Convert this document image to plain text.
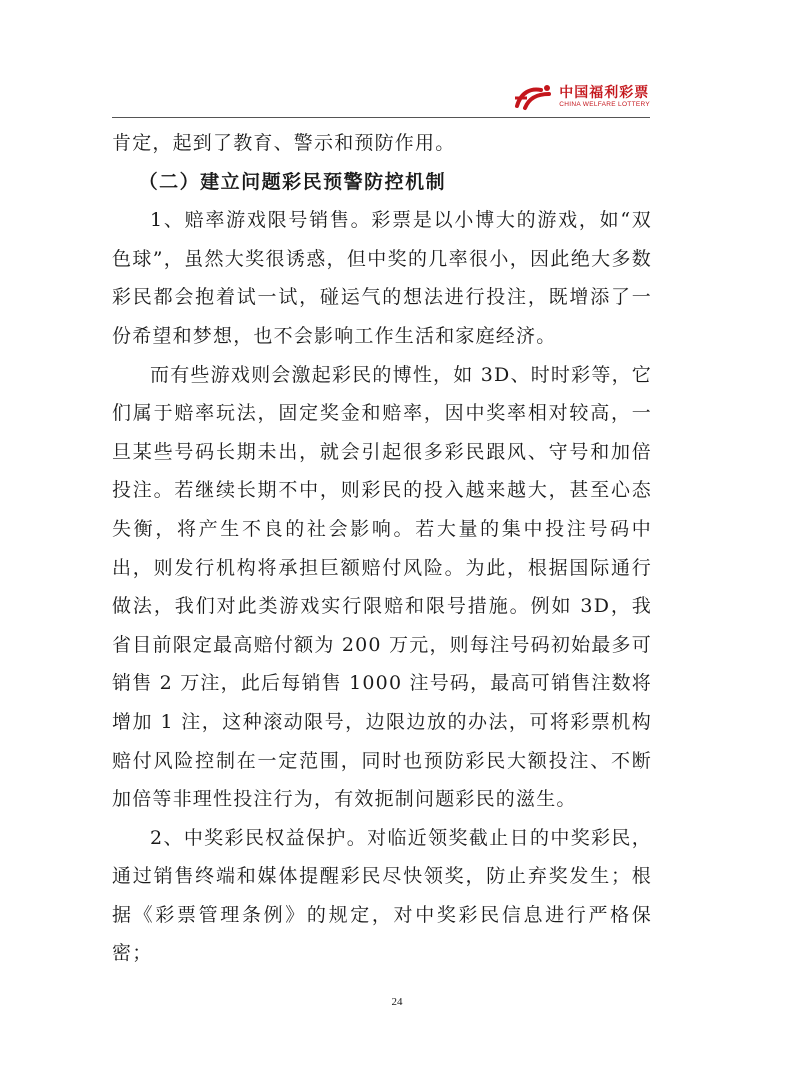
中国福利彩票
CHINA WELFARE LOTTERY

肯定，起到了教育、警示和预防作用。

（二）建立问题彩民预警防控机制

1、赔率游戏限号销售。彩票是以小博大的游戏，如“双色球”，虽然大奖很诱惑，但中奖的几率很小，因此绝大多数彩民都会抱着试一试，碰运气的想法进行投注，既增添了一份希望和梦想，也不会影响工作生活和家庭经济。

而有些游戏则会激起彩民的博性，如 3D、时时彩等，它们属于赔率玩法，固定奖金和赔率，因中奖率相对较高，一旦某些号码长期未出，就会引起很多彩民跟风、守号和加倍投注。若继续长期不中，则彩民的投入越来越大，甚至心态失衡，将产生不良的社会影响。若大量的集中投注号码中出，则发行机构将承担巨额赔付风险。为此，根据国际通行做法，我们对此类游戏实行限赔和限号措施。例如 3D，我省目前限定最高赔付额为 200 万元，则每注号码初始最多可销售 2 万注，此后每销售 1000 注号码，最高可销售注数将增加 1 注，这种滚动限号，边限边放的办法，可将彩票机构赔付风险控制在一定范围，同时也预防彩民大额投注、不断加倍等非理性投注行为，有效扼制问题彩民的滋生。

2、中奖彩民权益保护。对临近领奖截止日的中奖彩民，通过销售终端和媒体提醒彩民尽快领奖，防止弃奖发生；根据《彩票管理条例》的规定，对中奖彩民信息进行严格保密；

24
